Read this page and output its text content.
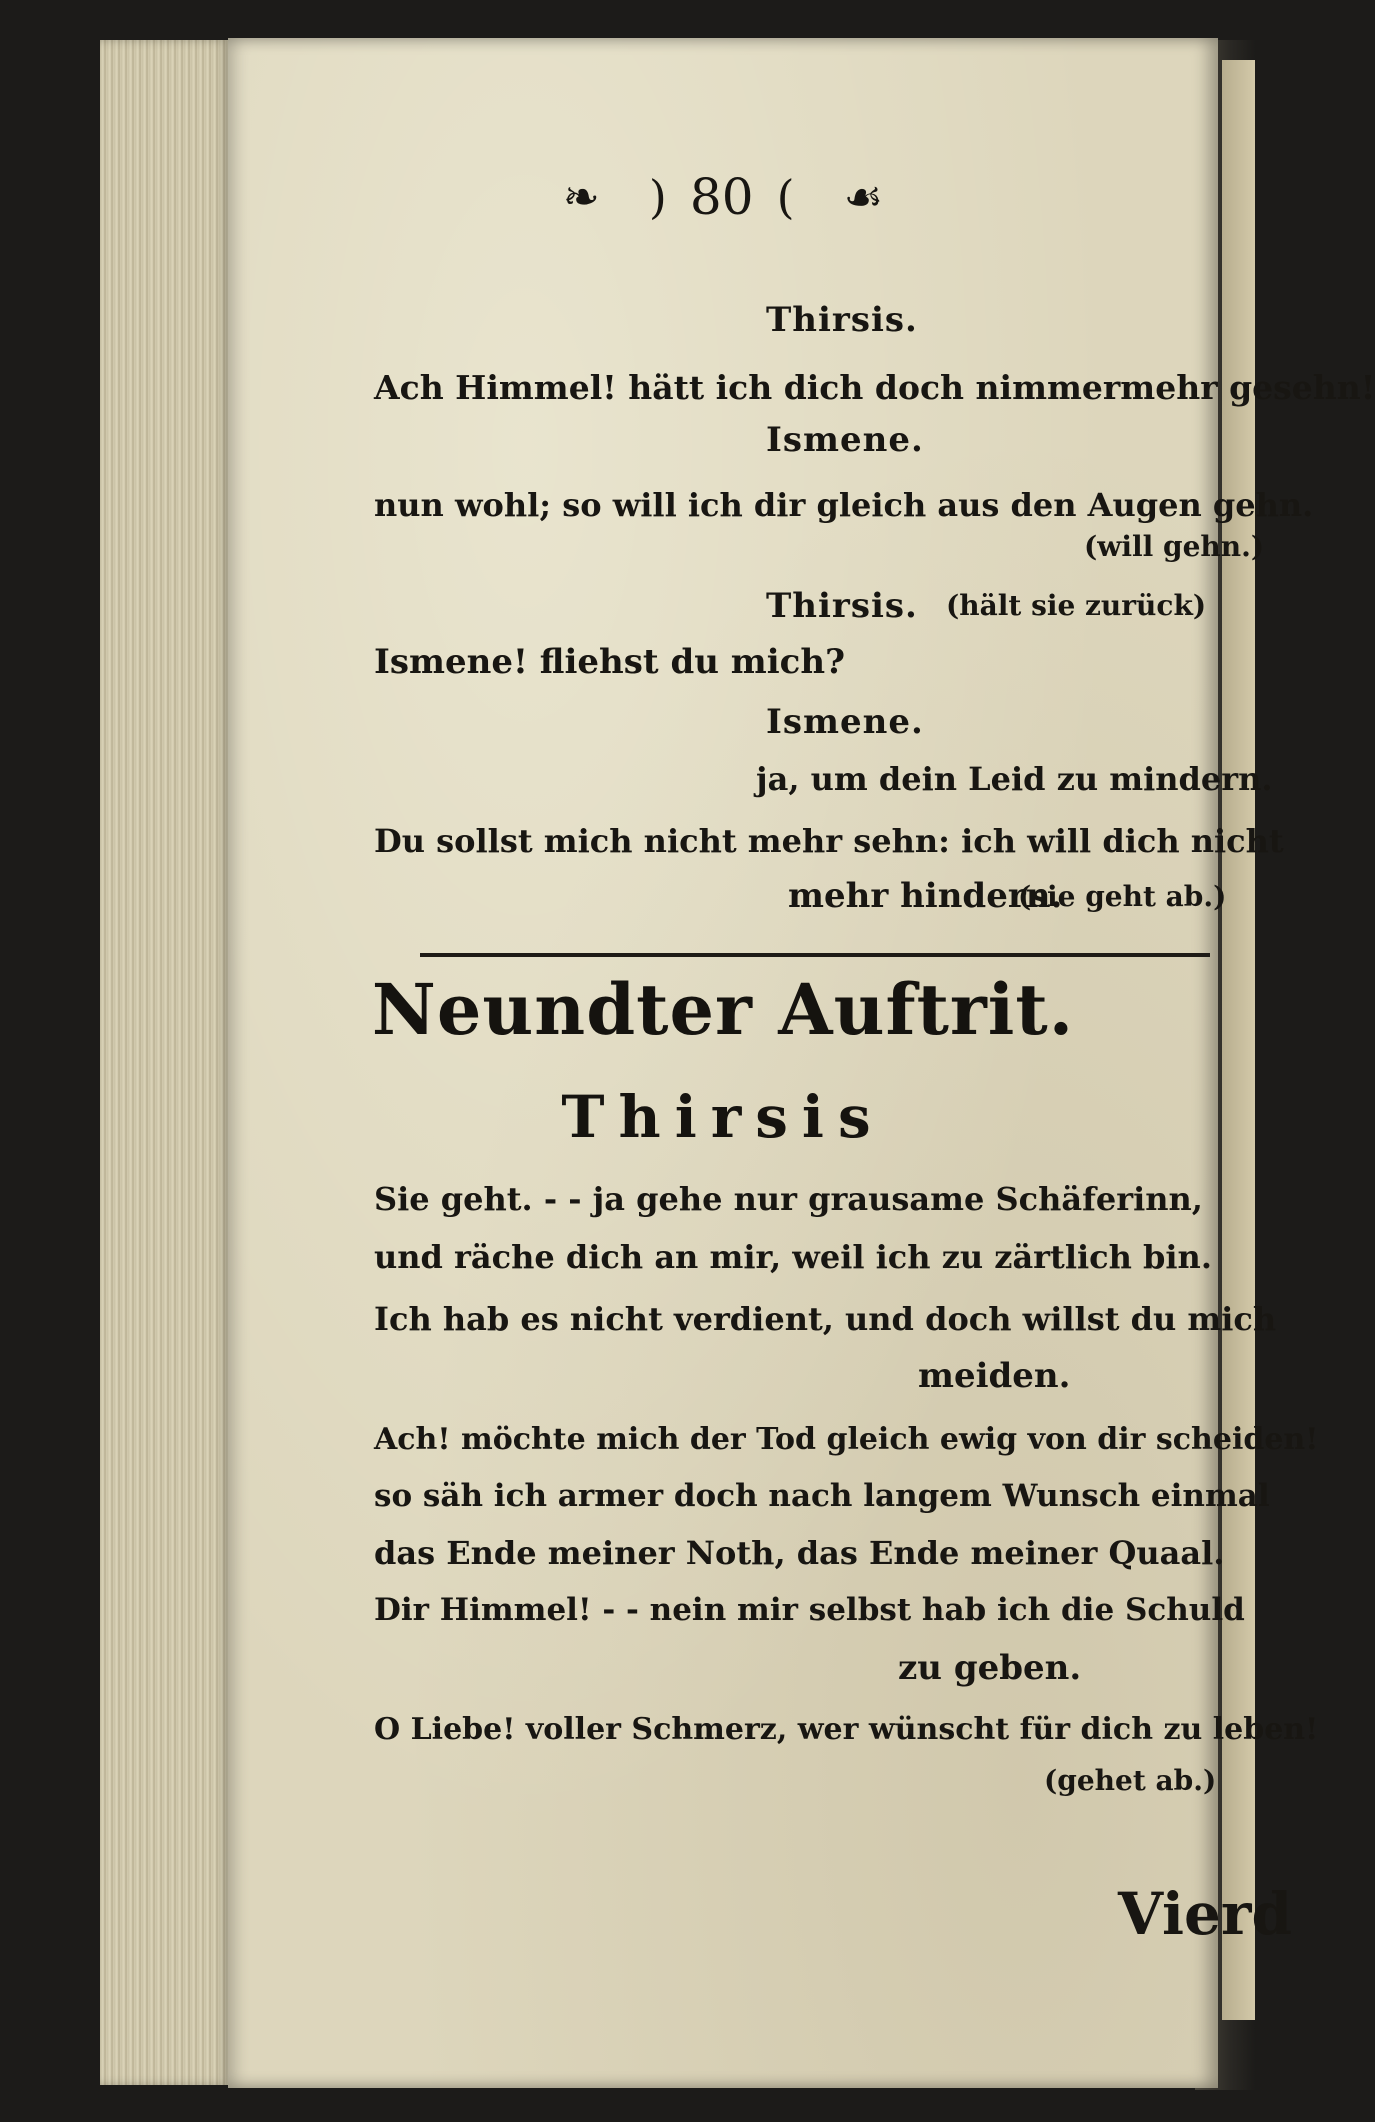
❧ ) 80 ( ☙
Thirsis.
Ach Himmel! hätt ich dich doch nimmermehr gesehn!
Ismene.
nun wohl; so will ich dir gleich aus den Augen gehn.
(will gehn.)
Thirsis. (hält sie zurück)
Ismene! fliehst du mich?
Ismene.
ja, um dein Leid zu mindern.
Du sollst mich nicht mehr sehn: ich will dich nicht
mehr hindern.
(sie geht ab.)
Neundter Auftrit.
Thirsis
Sie geht. - - ja gehe nur grausame Schäferinn,
und räche dich an mir, weil ich zu zärtlich bin.
Ich hab es nicht verdient, und doch willst du mich
meiden.
Ach! möchte mich der Tod gleich ewig von dir scheiden!
so säh ich armer doch nach langem Wunsch einmal
das Ende meiner Noth, das Ende meiner Quaal.
Dir Himmel! - - nein mir selbst hab ich die Schuld
zu geben.
O Liebe! voller Schmerz, wer wünscht für dich zu leben!
(gehet ab.)
Vierd
